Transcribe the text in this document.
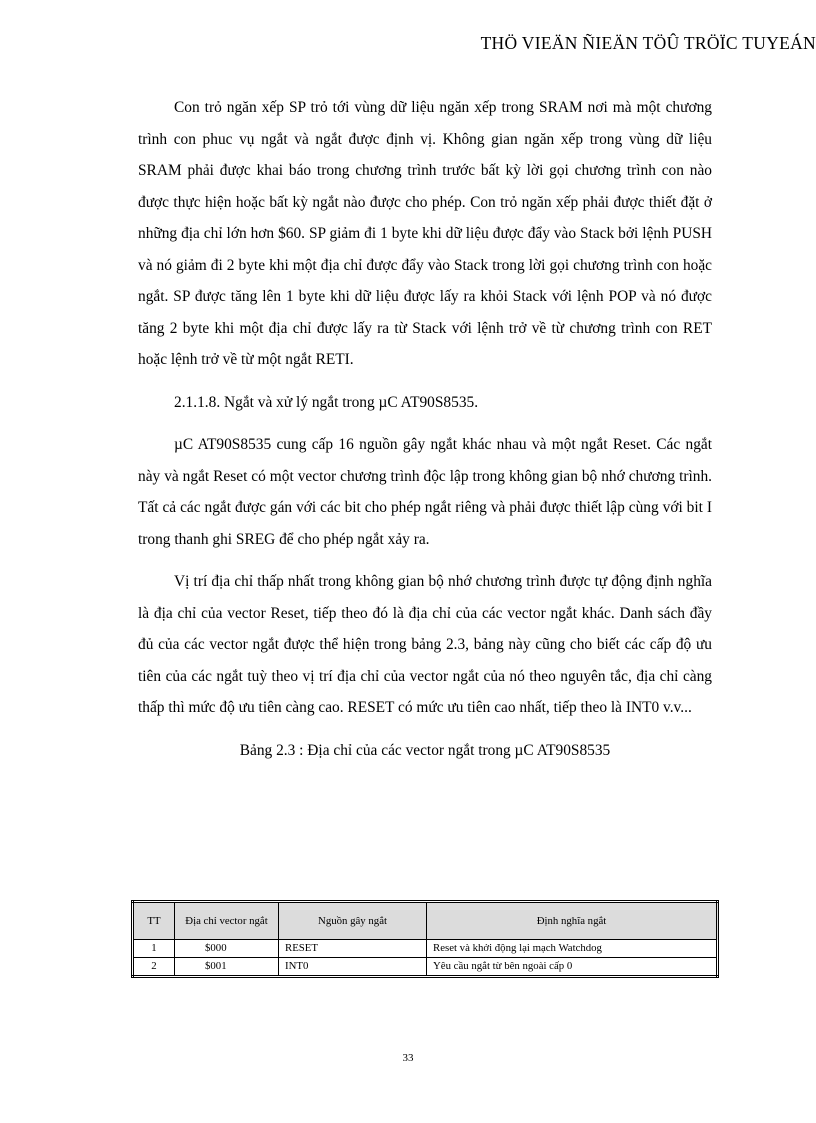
THÖ VIEÄN ÑIEÄN TÖÛ TRÖÏC TUYEÁN

Con trỏ ngăn xếp SP trỏ tới vùng dữ liệu ngăn xếp trong SRAM nơi mà một chương trình con phuc vụ ngắt và ngắt được định vị. Không gian ngăn xếp trong vùng dữ liệu SRAM phải được khai báo trong chương trình trước bất kỳ lời gọi chương trình con nào được thực hiện hoặc bất kỳ ngắt nào được cho phép. Con trỏ ngăn xếp phải được thiết đặt ở những địa chỉ lớn hơn $60. SP giảm đi 1 byte khi dữ liệu được đẩy vào Stack bởi lệnh PUSH và nó giảm đi 2 byte khi một địa chỉ được đẩy vào Stack trong lời gọi chương trình con hoặc ngắt. SP được tăng lên 1 byte khi dữ liệu được lấy ra khỏi Stack với lệnh POP và nó được tăng 2 byte khi một địa chỉ được lấy ra từ Stack với lệnh trở về từ chương trình con RET hoặc lệnh trở về từ một ngắt RETI.

2.1.1.8. Ngắt và xử lý ngắt trong µC AT90S8535.

µC AT90S8535 cung cấp 16 nguồn gây ngắt khác nhau và một ngắt Reset. Các ngắt này và ngắt Reset có một vector chương trình độc lập trong không gian bộ nhớ chương trình. Tất cả các ngắt được gán với các bit cho phép ngắt riêng và phải được thiết lập cùng với bit I trong thanh ghi SREG để cho phép ngắt xảy ra.

Vị trí địa chỉ thấp nhất trong không gian bộ nhớ chương trình được tự động định nghĩa là địa chỉ của vector Reset, tiếp theo đó là địa chỉ của các vector ngắt khác. Danh sách đầy đủ của các vector ngắt được thể hiện trong bảng 2.3, bảng này cũng cho biết các cấp độ ưu tiên của các ngắt tuỳ theo vị trí địa chỉ của vector ngắt của nó theo nguyên tắc, địa chỉ càng thấp thì mức độ ưu tiên càng cao. RESET có mức ưu tiên cao nhất, tiếp theo là INT0 v.v...

Bảng 2.3 : Địa chỉ của các vector ngắt trong µC AT90S8535

TT	Địa chỉ vector ngắt	Nguồn gây ngắt	Định nghĩa ngắt
1	$000	RESET	Reset và khởi động lại mạch Watchdog
2	$001	INT0	Yêu cầu ngắt từ bên ngoài cấp 0
33
